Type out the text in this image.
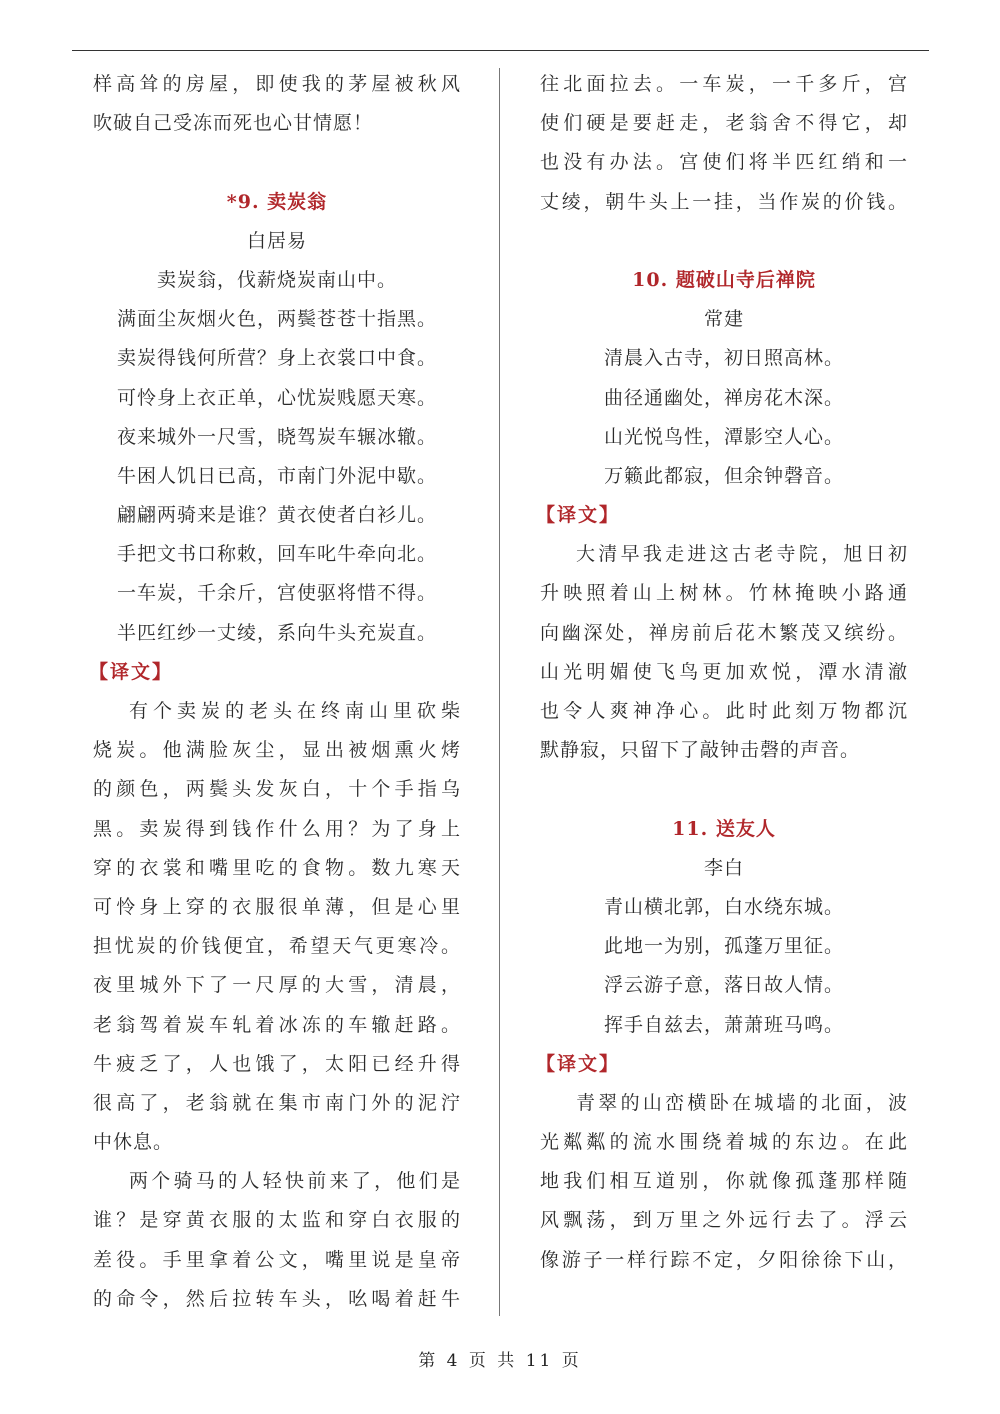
样高耸的房屋，即使我的茅屋被秋风
吹破自己受冻而死也心甘情愿！
*9. 卖炭翁
白居易
卖炭翁，伐薪烧炭南山中。
满面尘灰烟火色，两鬓苍苍十指黑。
卖炭得钱何所营？身上衣裳口中食。
可怜身上衣正单，心忧炭贱愿天寒。
夜来城外一尺雪，晓驾炭车辗冰辙。
牛困人饥日已高，市南门外泥中歇。
翩翩两骑来是谁？黄衣使者白衫儿。
手把文书口称敕，回车叱牛牵向北。
一车炭，千余斤，宫使驱将惜不得。
半匹红纱一丈绫，系向牛头充炭直。
【译文】
有个卖炭的老头在终南山里砍柴
烧炭。他满脸灰尘，显出被烟熏火烤
的颜色，两鬓头发灰白，十个手指乌
黑。卖炭得到钱作什么用？为了身上
穿的衣裳和嘴里吃的食物。数九寒天
可怜身上穿的衣服很单薄，但是心里
担忧炭的价钱便宜，希望天气更寒冷。
夜里城外下了一尺厚的大雪，清晨，
老翁驾着炭车轧着冰冻的车辙赶路。
牛疲乏了，人也饿了，太阳已经升得
很高了，老翁就在集市南门外的泥泞
中休息。
两个骑马的人轻快前来了，他们是
谁？是穿黄衣服的太监和穿白衣服的
差役。手里拿着公文，嘴里说是皇帝
的命令，然后拉转车头，吆喝着赶牛
往北面拉去。一车炭，一千多斤，宫
使们硬是要赶走，老翁舍不得它，却
也没有办法。宫使们将半匹红绡和一
丈绫，朝牛头上一挂，当作炭的价钱。
10. 题破山寺后禅院
常建
清晨入古寺，初日照高林。
曲径通幽处，禅房花木深。
山光悦鸟性，潭影空人心。
万籁此都寂，但余钟磬音。
【译文】
大清早我走进这古老寺院，旭日初
升映照着山上树林。竹林掩映小路通
向幽深处，禅房前后花木繁茂又缤纷。
山光明媚使飞鸟更加欢悦，潭水清澈
也令人爽神净心。此时此刻万物都沉
默静寂，只留下了敲钟击磬的声音。
11. 送友人
李白
青山横北郭，白水绕东城。
此地一为别，孤蓬万里征。
浮云游子意，落日故人情。
挥手自兹去，萧萧班马鸣。
【译文】
青翠的山峦横卧在城墙的北面，波
光粼粼的流水围绕着城的东边。在此
地我们相互道别，你就像孤蓬那样随
风飘荡，到万里之外远行去了。浮云
像游子一样行踪不定，夕阳徐徐下山，
第 4 页 共 11 页
